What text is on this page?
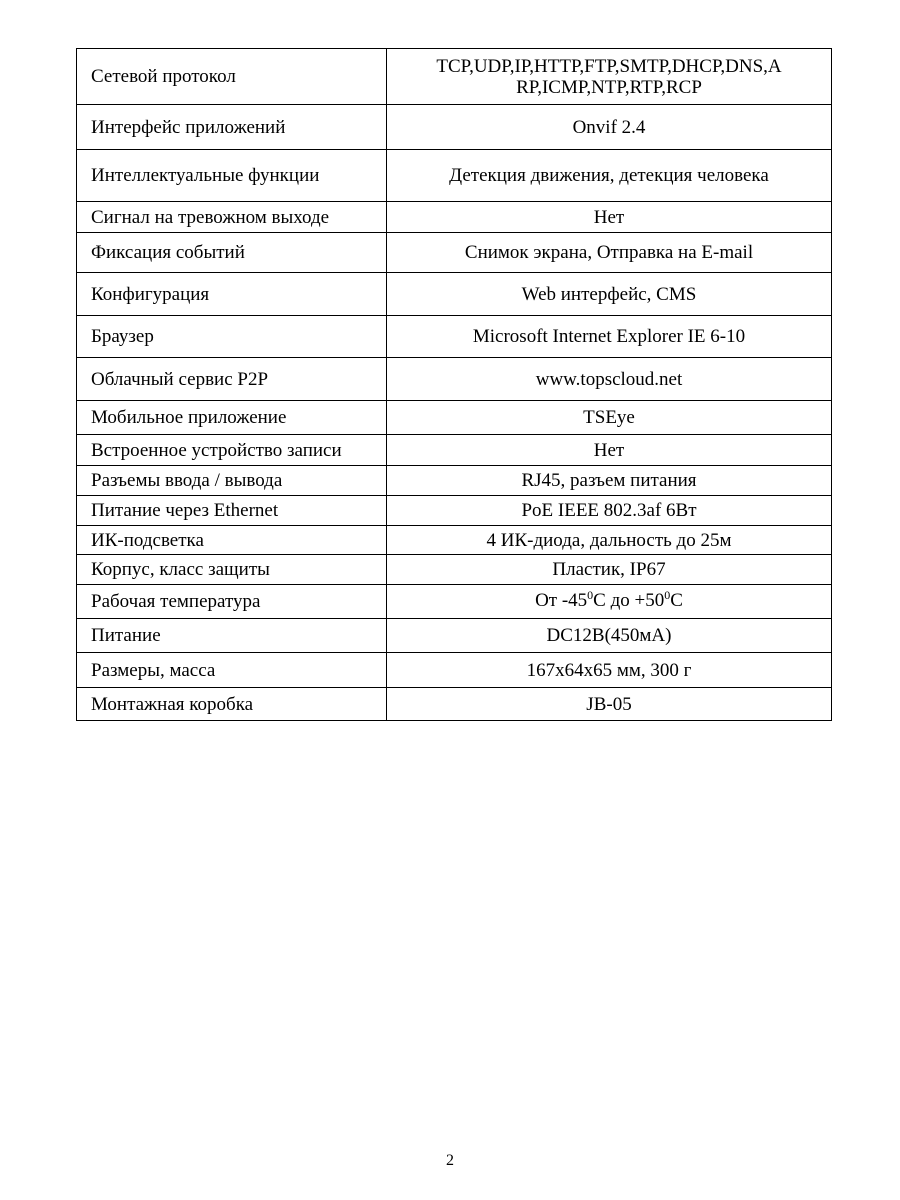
Сетевой протокол	TCP,UDP,IP,HTTP,FTP,SMTP,DHCP,DNS,A
RP,ICMP,NTP,RTP,RCP
Интерфейс приложений	Onvif 2.4
Интеллектуальные функции	Детекция движения, детекция человека
Сигнал на тревожном выходе	Нет
Фиксация событий	Снимок экрана, Отправка на E-mail
Конфигурация	Web интерфейс, CMS
Браузер	Microsoft Internet Explorer IE 6-10
Облачный сервис P2P	www.topscloud.net
Мобильное приложение	TSEye
Встроенное устройство записи	Нет
Разъемы ввода / вывода	RJ45, разъем питания
Питание через Ethernet	PoE IEEE 802.3af 6Вт
ИК-подсветка	4 ИК-диода, дальность до 25м
Корпус, класс защиты	Пластик, IP67
Рабочая температура	От $-45^0С$ до $+50^0С$
Питание	DC12В(450мА)
Размеры, масса	167x64x65 мм, 300 г
Монтажная коробка	JB-05
2
